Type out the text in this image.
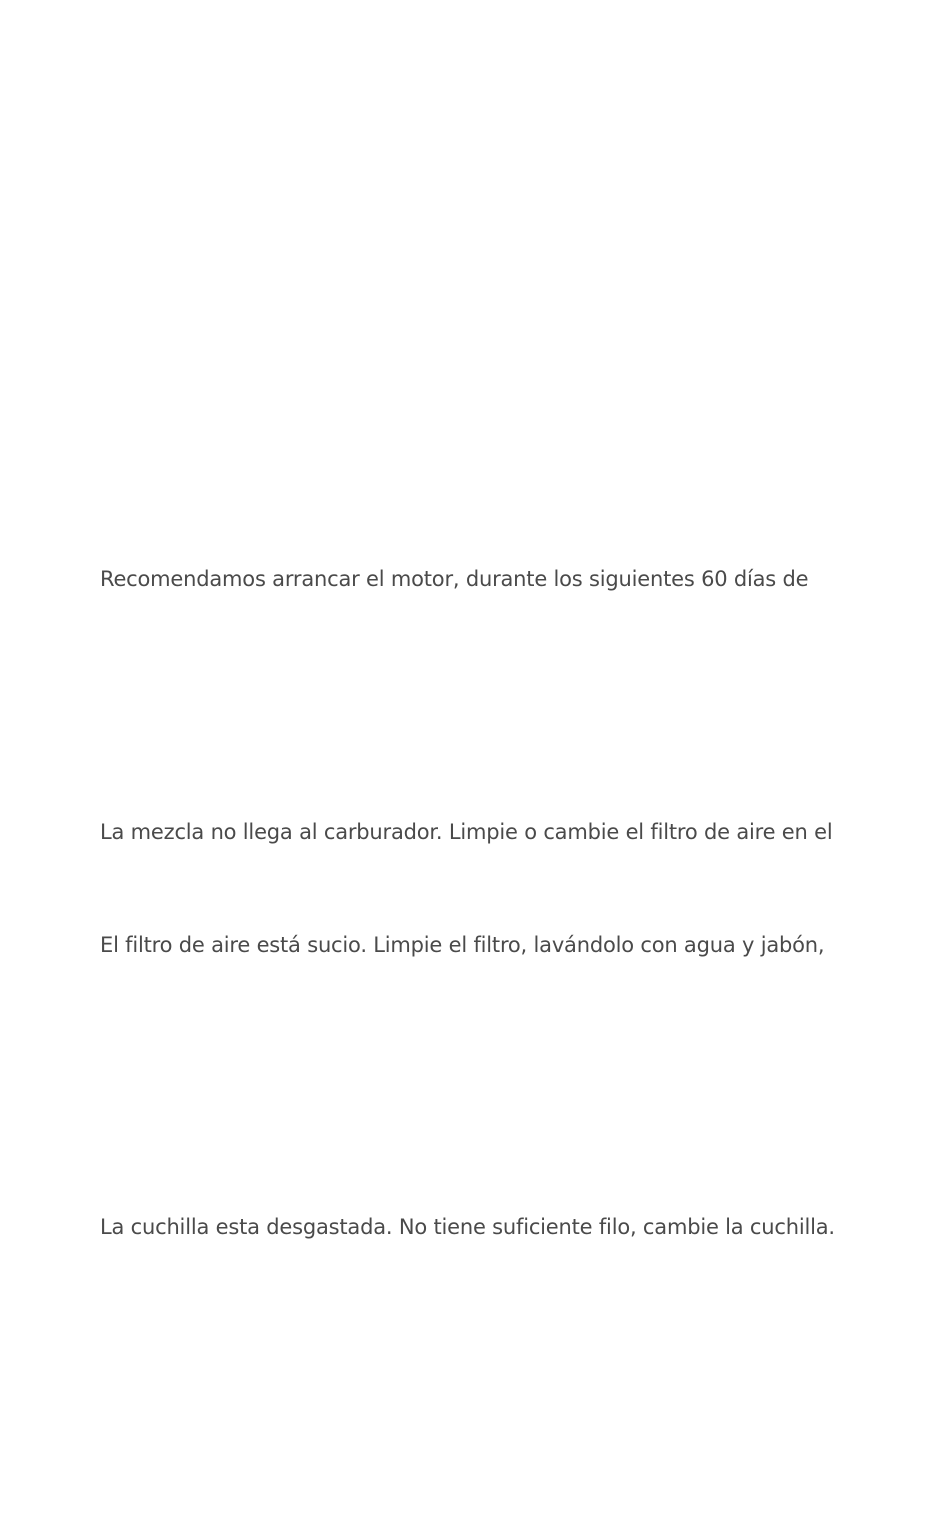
Recomendamos arrancar el motor, durante los siguientes 60 días de
La mezcla no llega al carburador. Limpie o cambie el filtro de aire en el
El filtro de aire está sucio. Limpie el filtro, lavándolo con agua y jabón,
La cuchilla esta desgastada. No tiene suficiente filo, cambie la cuchilla.
